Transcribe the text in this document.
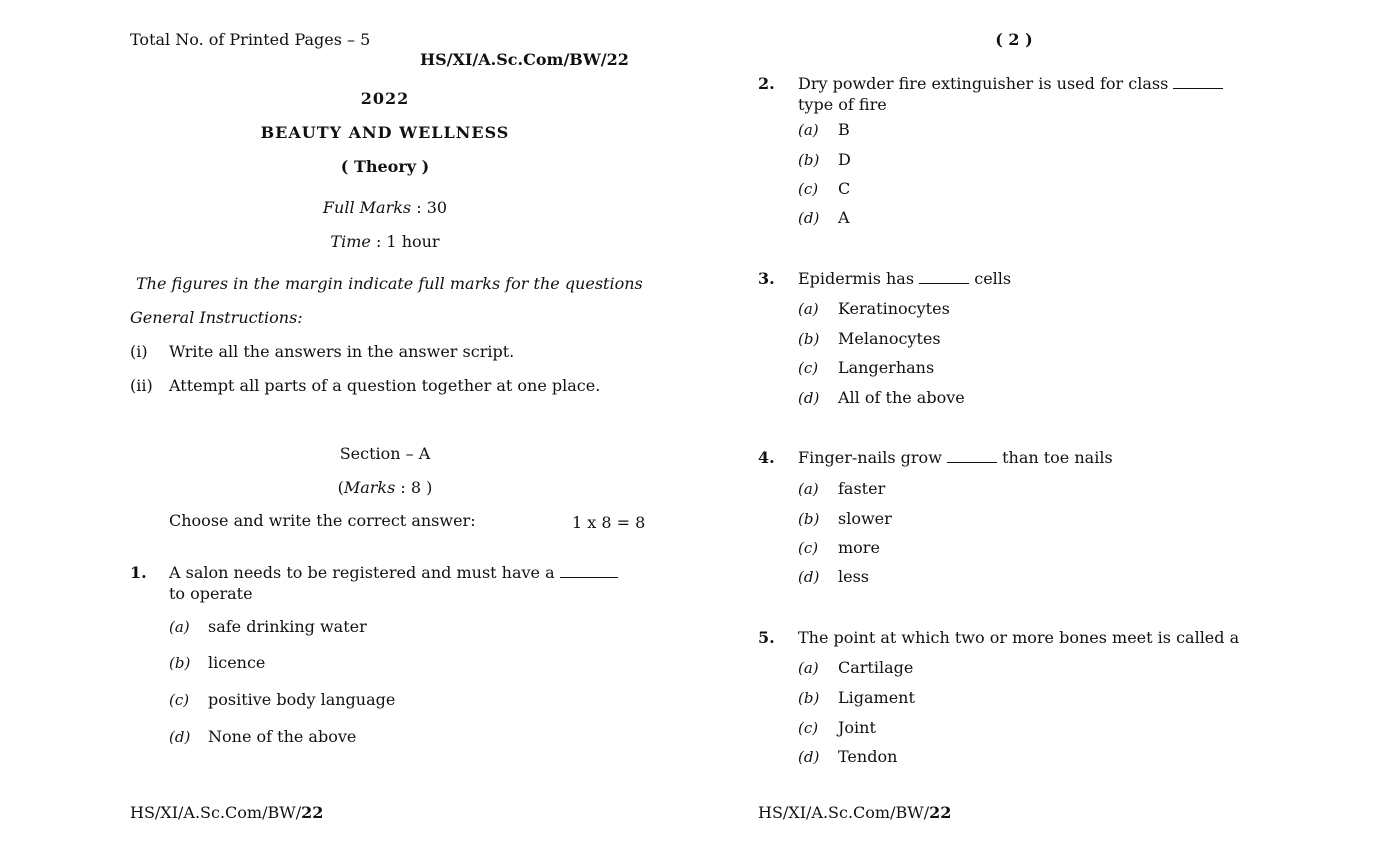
Total No. of Printed Pages – 5
HS/XI/A.Sc.Com/BW/22
2022
BEAUTY AND WELLNESS
( Theory )
Full Marks : 30
Time : 1 hour
The figures in the margin indicate full marks for the questions
General Instructions:
(i) Write all the answers in the answer script.
(ii) Attempt all parts of a question together at one place.
Section – A
(Marks : 8 )
Choose and write the correct answer:	1 x 8 = 8
1. A salon needs to be registered and must have a
to operate
(a) safe drinking water
(b) licence
(c) positive body language
(d) None of the above
HS/XI/A.Sc.Com/BW/22
( 2 )
2. Dry powder fire extinguisher is used for class
type of fire
(a) B
(b) D
(c) C
(d) A
3. Epidermis has	cells
(a) Keratinocytes
(b) Melanocytes
(c) Langerhans
(d) All of the above
4. Finger-nails grow	than toe nails
(a) faster
(b) slower
(c) more
(d) less
5. The point at which two or more bones meet is called a
(a) Cartilage
(b) Ligament
(c) Joint
(d) Tendon
HS/XI/A.Sc.Com/BW/22
